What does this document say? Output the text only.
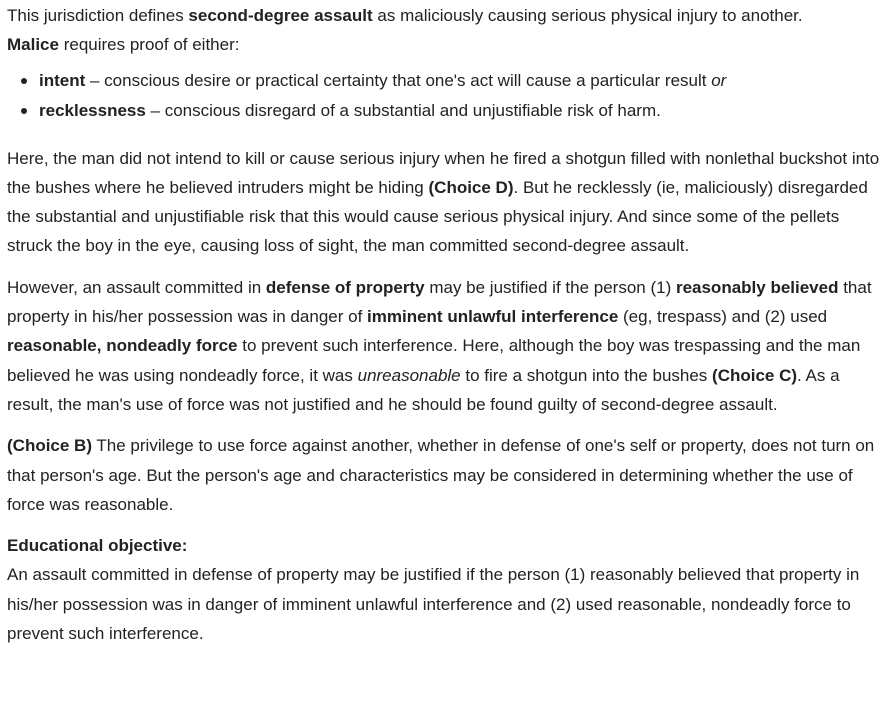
This jurisdiction defines second-degree assault as maliciously causing serious physical injury to another.
Malice requires proof of either:

intent – conscious desire or practical certainty that one's act will cause a particular result or
recklessness – conscious disregard of a substantial and unjustifiable risk of harm.

Here, the man did not intend to kill or cause serious injury when he fired a shotgun filled with nonlethal buckshot into the bushes where he believed intruders might be hiding (Choice D). But he recklessly (ie, maliciously) disregarded the substantial and unjustifiable risk that this would cause serious physical injury. And since some of the pellets struck the boy in the eye, causing loss of sight, the man committed second-degree assault.

However, an assault committed in defense of property may be justified if the person (1) reasonably believed that property in his/her possession was in danger of imminent unlawful interference (eg, trespass) and (2) used reasonable, nondeadly force to prevent such interference. Here, although the boy was trespassing and the man believed he was using nondeadly force, it was unreasonable to fire a shotgun into the bushes (Choice C). As a result, the man's use of force was not justified and he should be found guilty of second-degree assault.

(Choice B) The privilege to use force against another, whether in defense of one's self or property, does not turn on that person's age. But the person's age and characteristics may be considered in determining whether the use of force was reasonable.

Educational objective:

An assault committed in defense of property may be justified if the person (1) reasonably believed that property in his/her possession was in danger of imminent unlawful interference and (2) used reasonable, nondeadly force to prevent such interference.
